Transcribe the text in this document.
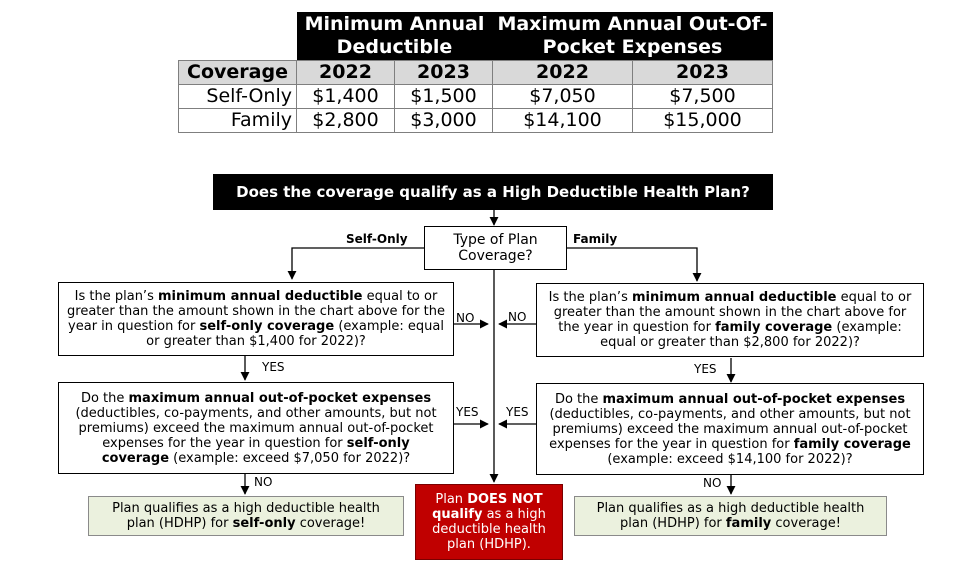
	Minimum Annual Deductible		Maximum Annual Out-Of-Pocket Expenses	
Coverage	2022	2023	2022	2023
Self-Only	$1,400	$1,500	$7,050	$7,500
Family	$2,800	$3,000	$14,100	$15,000
Does the coverage qualify as a High Deductible Health Plan?
Type of Plan Coverage?
Self-Only	Family
Is the plan’s minimum annual deductible equal to or greater than the amount shown in the chart above for the year in question for self-only coverage (example: equal or greater than $1,400 for 2022)?
Is the plan’s minimum annual deductible equal to or greater than the amount shown in the chart above for the year in question for family coverage (example: equal or greater than $2,800 for 2022)?
NO	NO
YES	YES
Do the maximum annual out-of-pocket expenses (deductibles, co-payments, and other amounts, but not premiums) exceed the maximum annual out-of-pocket expenses for the year in question for self-only coverage (example: exceed $7,050 for 2022)?
Do the maximum annual out-of-pocket expenses (deductibles, co-payments, and other amounts, but not premiums) exceed the maximum annual out-of-pocket expenses for the year in question for family coverage (example: exceed $14,100 for 2022)?
YES YES
NO	NO
Plan qualifies as a high deductible health plan (HDHP) for self-only coverage!
Plan DOES NOT qualify as a high deductible health plan (HDHP).
Plan qualifies as a high deductible health plan (HDHP) for family coverage!
